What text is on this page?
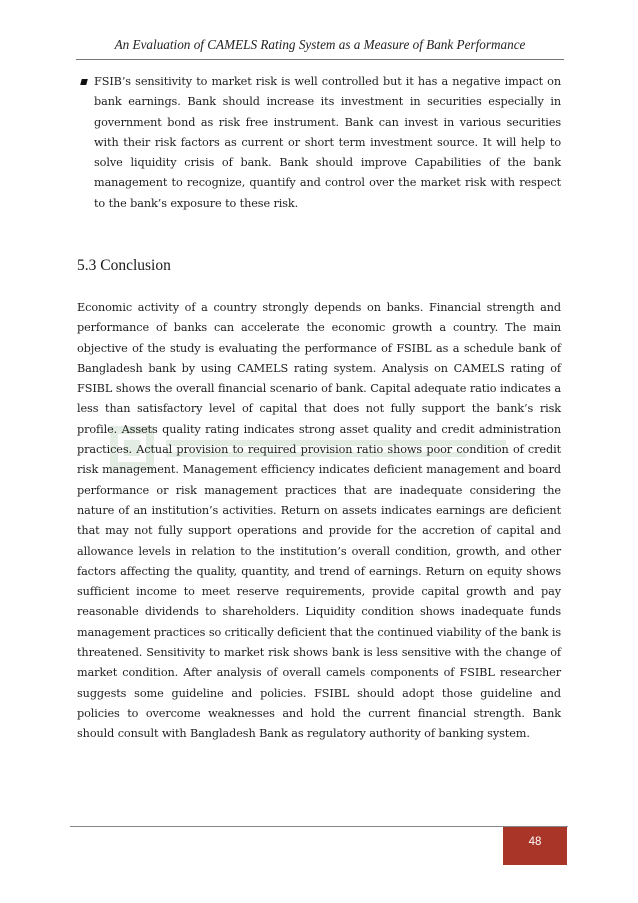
An Evaluation of CAMELS Rating System as a Measure of Bank Performance

FSIB’s sensitivity to market risk is well controlled but it has a negative impact on bank earnings. Bank should increase its investment in securities especially in government bond as risk free instrument. Bank can invest in various securities with their risk factors as current or short term investment source. It will help to solve liquidity crisis of bank. Bank should improve Capabilities of the bank management to recognize, quantify and control over the market risk with respect to the bank’s exposure to these risk.

5.3 Conclusion

Economic activity of a country strongly depends on banks. Financial strength and performance of banks can accelerate the economic growth a country. The main objective of the study is evaluating the performance of FSIBL as a schedule bank of Bangladesh bank by using CAMELS rating system. Analysis on CAMELS rating of FSIBL shows the overall financial scenario of bank. Capital adequate ratio indicates a less than satisfactory level of capital that does not fully support the bank’s risk profile. Assets quality rating indicates strong asset quality and credit administration practices. Actual provision to required provision ratio shows poor condition of credit risk management. Management efficiency indicates deficient management and board performance or risk management practices that are inadequate considering the nature of an institution’s activities. Return on assets indicates earnings are deficient that may not fully support operations and provide for the accretion of capital and allowance levels in relation to the institution’s overall condition, growth, and other factors affecting the quality, quantity, and trend of earnings. Return on equity shows sufficient income to meet reserve requirements, provide capital growth and pay reasonable dividends to shareholders. Liquidity condition shows inadequate funds management practices so critically deficient that the continued viability of the bank is threatened. Sensitivity to market risk shows bank is less sensitive with the change of market condition. After analysis of overall camels components of FSIBL researcher suggests some guideline and policies. FSIBL should adopt those guideline and policies to overcome weaknesses and hold the current financial strength. Bank should consult with Bangladesh Bank as regulatory authority of banking system.

48
